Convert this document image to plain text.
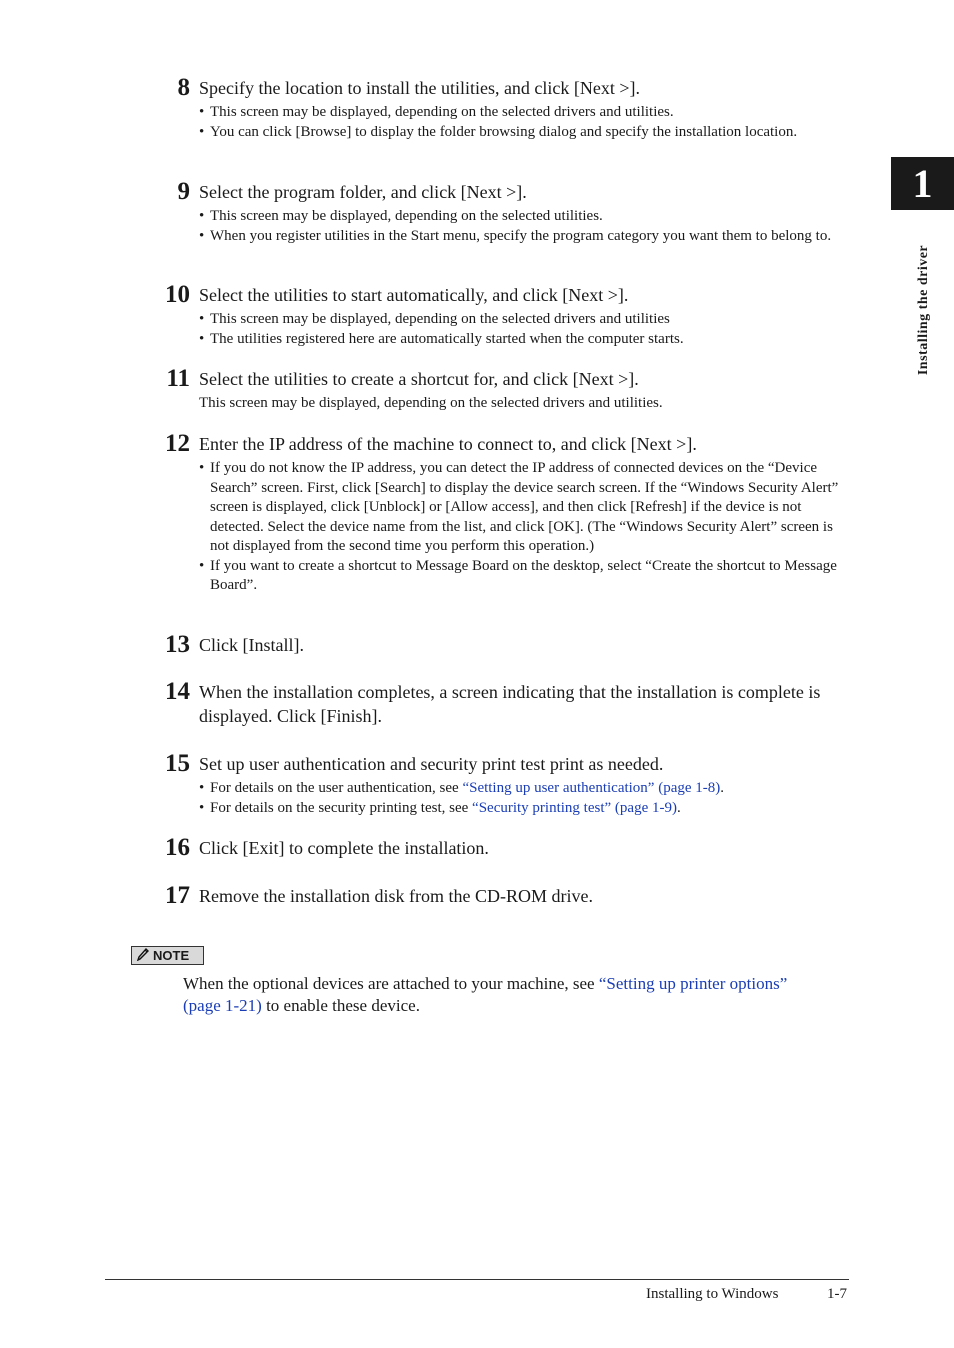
1
Installing the driver
8 Specify the location to install the utilities, and click [Next >].
• This screen may be displayed, depending on the selected drivers and utilities.
• You can click [Browse] to display the folder browsing dialog and specify the installation location.
9 Select the program folder, and click [Next >].
• This screen may be displayed, depending on the selected utilities.
• When you register utilities in the Start menu, specify the program category you want them to belong to.
10 Select the utilities to start automatically, and click [Next >].
• This screen may be displayed, depending on the selected drivers and utilities
• The utilities registered here are automatically started when the computer starts.
11 Select the utilities to create a shortcut for, and click [Next >].
This screen may be displayed, depending on the selected drivers and utilities.
12 Enter the IP address of the machine to connect to, and click [Next >].
• If you do not know the IP address, you can detect the IP address of connected devices on the “Device Search” screen. First, click [Search] to display the device search screen. If the “Windows Security Alert” screen is displayed, click [Unblock] or [Allow access], and then click [Refresh] if the device is not detected. Select the device name from the list, and click [OK]. (The “Windows Security Alert” screen is not displayed from the second time you perform this operation.)
• If you want to create a shortcut to Message Board on the desktop, select “Create the shortcut to Message Board”.
13 Click [Install].
14 When the installation completes, a screen indicating that the installation is complete is displayed. Click [Finish].
15 Set up user authentication and security print test print as needed.
• For details on the user authentication, see “Setting up user authentication” (page 1-8).
• For details on the security printing test, see “Security printing test” (page 1-9).
16 Click [Exit] to complete the installation.
17 Remove the installation disk from the CD-ROM drive.
NOTE
When the optional devices are attached to your machine, see “Setting up printer options” (page 1-21) to enable these device.
Installing to Windows	1-7
